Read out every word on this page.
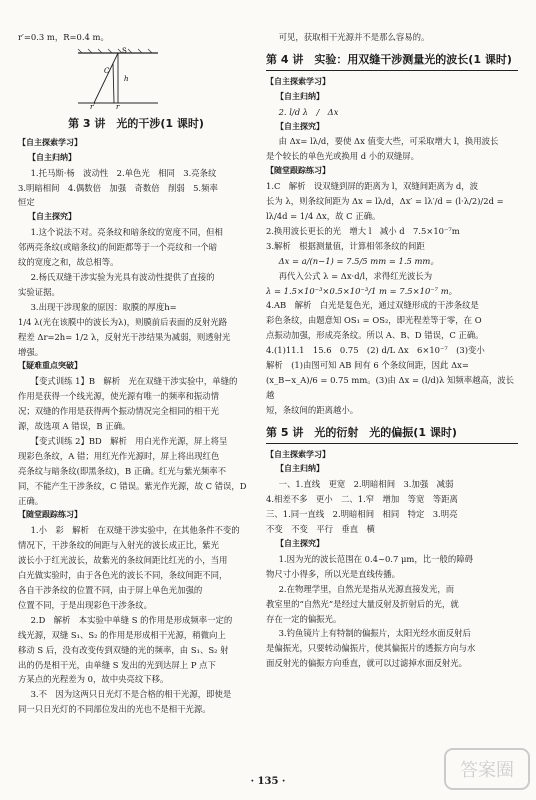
r′=0.3 m，R=0.4 m。

S
C
h
r′	r
第 3 讲　光的干涉(1 课时)

【自主探索学习】

【自主归纳】

1.托马斯·杨　波动性　2.单色光　相同　3.亮条纹

3.明暗相间　4.偶数倍　加强　奇数倍　削弱　5.频率

恒定

【自主探究】

1.这个说法不对。亮条纹和暗条纹的宽度不同，但相

邻两亮条纹(或暗条纹)的间距都等于一个亮纹和一个暗

纹的宽度之和，故总相等。

2.杨氏双缝干涉实验为光具有波动性提供了直接的

实验证据。

3.出现干涉现象的原因：取膜的厚度h=

1/4 λ(光在该膜中的波长为λ)，则膜前后表面的反射光路

程差 Δr=2h= 1/2 λ，反射光干涉结果为减弱，则透射光

增强。

【疑难重点突破】

【变式训练 1】B　解析　光在双缝干涉实验中，单缝的

作用是获得一个线光源，使光源有唯一的频率和振动情

况；双缝的作用是获得两个振动情况完全相同的相干光

源，故选项 A 错误，B 正确。

【变式训练 2】BD　解析　用白光作光源，屏上将呈

现彩色条纹，A 错；用红光作光源时，屏上将出现红色

亮条纹与暗条纹(即黑条纹)，B 正确。红光与紫光频率不

同，不能产生干涉条纹，C 错误。紫光作光源，故 C 错误，D 正确。

【随堂跟踪练习】

1.小　彩　解析　在双缝干涉实验中，在其他条件不变的

情况下，干涉条纹的间距与入射光的波长成正比，紫光

波长小于红光波长，故紫光的条纹间距比红光的小，当用

白光做实验时，由于各色光的波长不同，条纹间距不同，

各自干涉条纹的位置不同，由于屏上单色光加强的

位置不同，于是出现彩色干涉条纹。

2.D　解析　本实验中单缝 S 的作用是形成频率一定的

线光源，双缝 S₁、S₂ 的作用是形成相干光源，稍微向上

移动 S 后，没有改变传到双缝的光的频率，由 S₁、S₂ 射

出的仍是相干光，由单缝 S 发出的光到达屏上 P 点下

方某点的光程差为 0，故中央亮纹下移。

3.不　因为这两只日光灯不是合格的相干光源，即使是

同一只日光灯的不同部位发出的光也不是相干光源。

可见，获取相干光源并不是那么容易的。

第 4 讲　实验：用双缝干涉测量光的波长(1 课时)

【自主探索学习】

【自主归纳】

2. l/d λ　/　Δx

【自主探究】

由 Δx= lλ/d，要使 Δx 值变大些，可采取增大 l，换用波长

是个较长的单色光或换用 d 小的双缝屏。

【随堂跟踪练习】

1.C　解析　设双缝到屏的距离为 l，双缝间距离为 d，波

长为 λ，则条纹间距为 Δx = lλ/d，Δx′ = lλ′/d = (l·λ/2)/2d =

lλ/4d = 1/4 Δx，故 C 正确。

2.换用波长更长的光　增大 l　减小 d　7.5×10⁻⁷m

3.解析　根据测量值，计算相邻条纹的间距

Δx = a/(n−1) = 7.5/5 mm = 1.5 mm。

再代入公式 λ = Δx·d/l，求得红光波长为

λ = 1.5×10⁻³×0.5×10⁻³/1 m = 7.5×10⁻⁷ m。

4.AB　解析　白光是复色光，通过双缝形成的干涉条纹是

彩色条纹，由题意知 OS₁ = OS₂，即光程差等于零，在 O

点振动加强，形成亮条纹。所以 A、B、D 错误，C 正确。

4.(1)11.1　15.6　0.75　(2) d/L Δx　6×10⁻⁷　(3)变小

解析　(1)由图可知 AB 间有 6 个条纹间距，因此 Δx=

(x_B−x_A)/6 = 0.75 mm。(3)由 Δx = (l/d)λ 知频率越高，波长越

短，条纹间的距离越小。

第 5 讲　光的衍射　光的偏振(1 课时)

【自主探索学习】

【自主归纳】

一、1.直线　更宽　2.明暗相间　3.加强　减弱

4.相差不多　更小　二、1.窄　增加　等宽　等距离

三、1.同一直线　2.明暗相间　相同　特定　3.明亮

不变　不变　平行　垂直　横

【自主探究】

1.因为光的波长范围在 0.4~0.7 μm，比一般的障碍

物尺寸小得多，所以光是直线传播。

2.在物理学里，自然光是指从光源直接发光，而

教室里的“自然光”是经过大量反射及折射后的光，就

存在一定的偏振光。

3.钓鱼镜片上有特制的偏振片，太阳光经水面反射后

是偏振光，只要转动偏振片，使其偏振片的透振方向与水

面反射光的偏振方向垂直，就可以过滤掉水面反射光。

· 135 ·
答案圈
